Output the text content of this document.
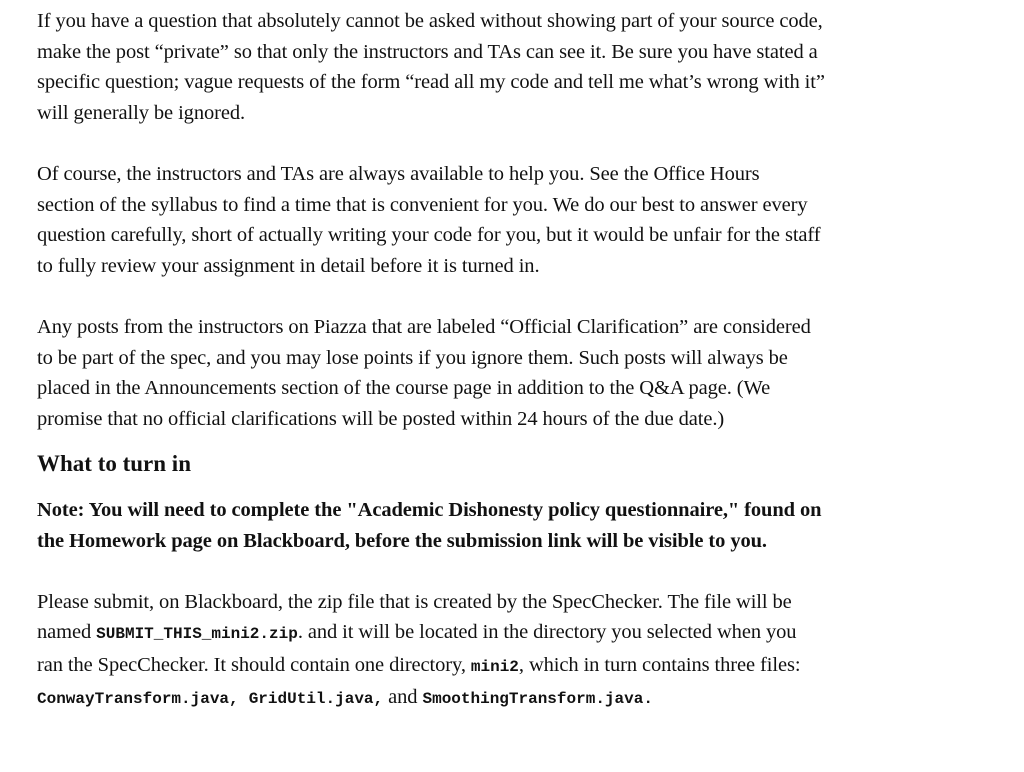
If you have a question that absolutely cannot be asked without showing part of your source code,
make the post “private” so that only the instructors and TAs can see it. Be sure you have stated a
specific question; vague requests of the form “read all my code and tell me what’s wrong with it”
will generally be ignored.

Of course, the instructors and TAs are always available to help you. See the Office Hours
section of the syllabus to find a time that is convenient for you. We do our best to answer every
question carefully, short of actually writing your code for you, but it would be unfair for the staff
to fully review your assignment in detail before it is turned in.

Any posts from the instructors on Piazza that are labeled “Official Clarification” are considered
to be part of the spec, and you may lose points if you ignore them. Such posts will always be
placed in the Announcements section of the course page in addition to the Q&A page. (We
promise that no official clarifications will be posted within 24 hours of the due date.)

What to turn in

Note: You will need to complete the "Academic Dishonesty policy questionnaire," found on
the Homework page on Blackboard, before the submission link will be visible to you.

Please submit, on Blackboard, the zip file that is created by the SpecChecker. The file will be
named SUBMIT_THIS_mini2.zip. and it will be located in the directory you selected when you
ran the SpecChecker. It should contain one directory, mini2, which in turn contains three files:
ConwayTransform.java, GridUtil.java, and SmoothingTransform.java.
